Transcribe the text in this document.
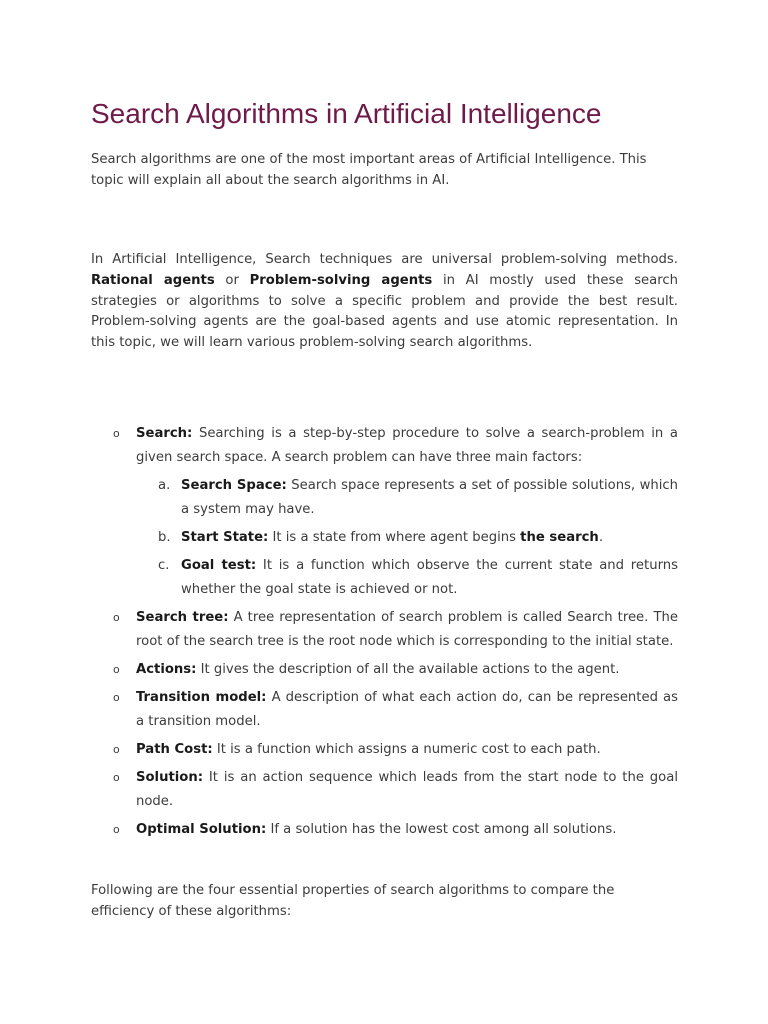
Search Algorithms in Artificial Intelligence

Search algorithms are one of the most important areas of Artificial Intelligence. This topic will explain all about the search algorithms in AI.

In Artificial Intelligence, Search techniques are universal problem-solving methods. Rational agents or Problem-solving agents in AI mostly used these search strategies or algorithms to solve a specific problem and provide the best result. Problem-solving agents are the goal-based agents and use atomic representation. In this topic, we will learn various problem-solving search algorithms.

o Search: Searching is a step-by-step procedure to solve a search-problem in a given search space. A search problem can have three main factors:
a. Search Space: Search space represents a set of possible solutions, which a system may have.
b. Start State: It is a state from where agent begins the search.
c. Goal test: It is a function which observe the current state and returns whether the goal state is achieved or not.
o Search tree: A tree representation of search problem is called Search tree. The root of the search tree is the root node which is corresponding to the initial state.
o Actions: It gives the description of all the available actions to the agent.
o Transition model: A description of what each action do, can be represented as a transition model.
o Path Cost: It is a function which assigns a numeric cost to each path.
o Solution: It is an action sequence which leads from the start node to the goal node.
o Optimal Solution: If a solution has the lowest cost among all solutions.

Following are the four essential properties of search algorithms to compare the efficiency of these algorithms:
